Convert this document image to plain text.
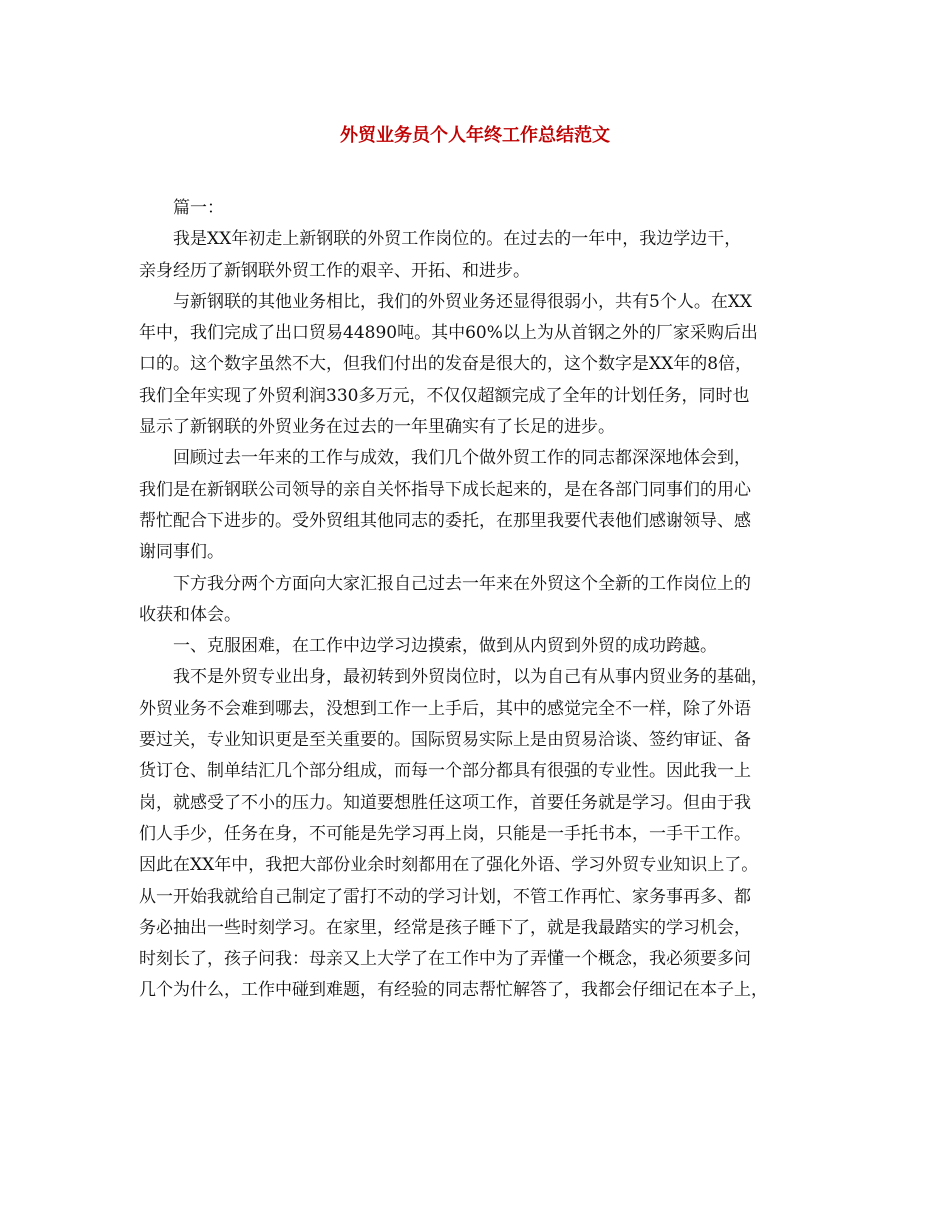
外贸业务员个人年终工作总结范文

篇一：

我是XX年初走上新钢联的外贸工作岗位的。在过去的一年中，我边学边干，
亲身经历了新钢联外贸工作的艰辛、开拓、和进步。

与新钢联的其他业务相比，我们的外贸业务还显得很弱小，共有5个人。在XX
年中，我们完成了出口贸易44890吨。其中60%以上为从首钢之外的厂家采购后出
口的。这个数字虽然不大，但我们付出的发奋是很大的，这个数字是XX年的8倍，
我们全年实现了外贸利润330多万元，不仅仅超额完成了全年的计划任务，同时也
显示了新钢联的外贸业务在过去的一年里确实有了长足的进步。

回顾过去一年来的工作与成效，我们几个做外贸工作的同志都深深地体会到，
我们是在新钢联公司领导的亲自关怀指导下成长起来的，是在各部门同事们的用心
帮忙配合下进步的。受外贸组其他同志的委托，在那里我要代表他们感谢领导、感
谢同事们。

下方我分两个方面向大家汇报自己过去一年来在外贸这个全新的工作岗位上的
收获和体会。

一、克服困难，在工作中边学习边摸索，做到从内贸到外贸的成功跨越。

我不是外贸专业出身，最初转到外贸岗位时，以为自己有从事内贸业务的基础，
外贸业务不会难到哪去，没想到工作一上手后，其中的感觉完全不一样，除了外语
要过关，专业知识更是至关重要的。国际贸易实际上是由贸易洽谈、签约审证、备
货订仓、制单结汇几个部分组成，而每一个部分都具有很强的专业性。因此我一上
岗，就感受了不小的压力。知道要想胜任这项工作，首要任务就是学习。但由于我
们人手少，任务在身，不可能是先学习再上岗，只能是一手托书本，一手干工作。
因此在XX年中，我把大部份业余时刻都用在了强化外语、学习外贸专业知识上了。
从一开始我就给自己制定了雷打不动的学习计划，不管工作再忙、家务事再多、都
务必抽出一些时刻学习。在家里，经常是孩子睡下了，就是我最踏实的学习机会，
时刻长了，孩子问我：母亲又上大学了在工作中为了弄懂一个概念，我必须要多问
几个为什么，工作中碰到难题，有经验的同志帮忙解答了，我都会仔细记在本子上，
